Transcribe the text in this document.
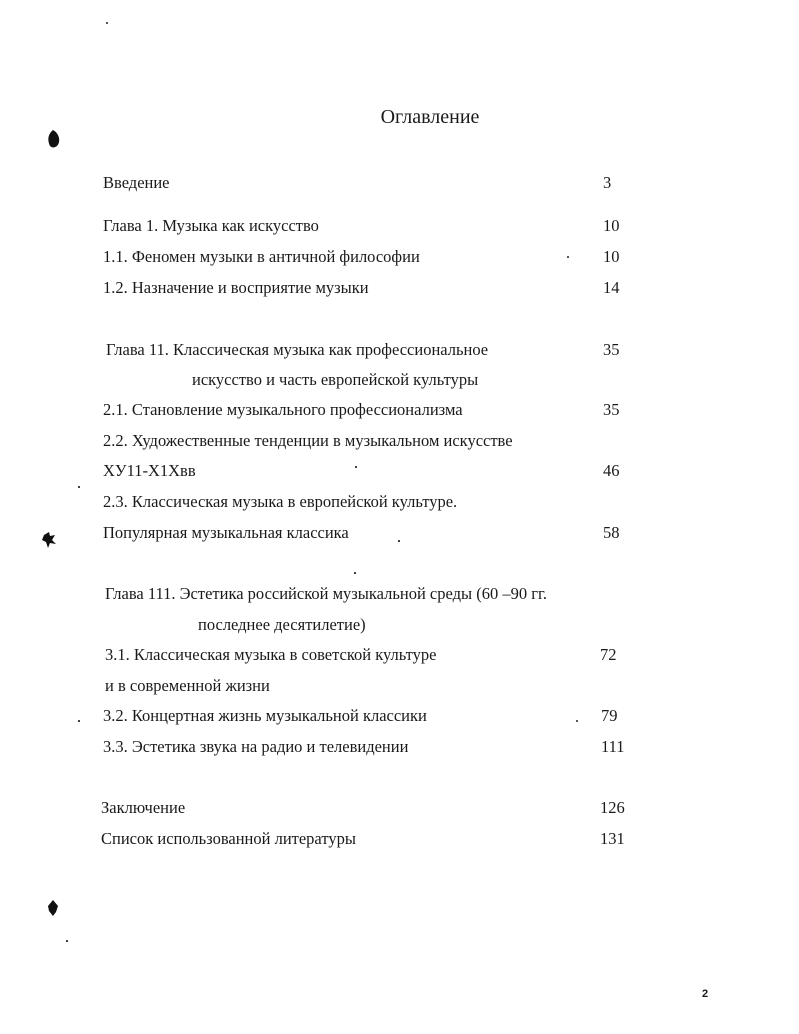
Оглавление
Введение	3
Глава 1. Музыка как искусство	10
1.1. Феномен музыки в античной философии	10
1.2. Назначение и восприятие музыки	14
Глава 11. Классическая музыка как профессиональное	35
искусство и часть европейской культуры
2.1. Становление музыкального профессионализма	35
2.2. Художественные тенденции в музыкальном искусстве
ХУ11-Х1Хвв	46
2.3. Классическая музыка в европейской культуре.
Популярная музыкальная классика	58
Глава 111. Эстетика российской музыкальной среды (60 –90 гг.
последнее десятилетие)
3.1. Классическая музыка в советской культуре	72
и в современной жизни
3.2. Концертная жизнь музыкальной классики	79
3.3. Эстетика звука на радио и телевидении	111
Заключение	126
Список использованной литературы	131
2
